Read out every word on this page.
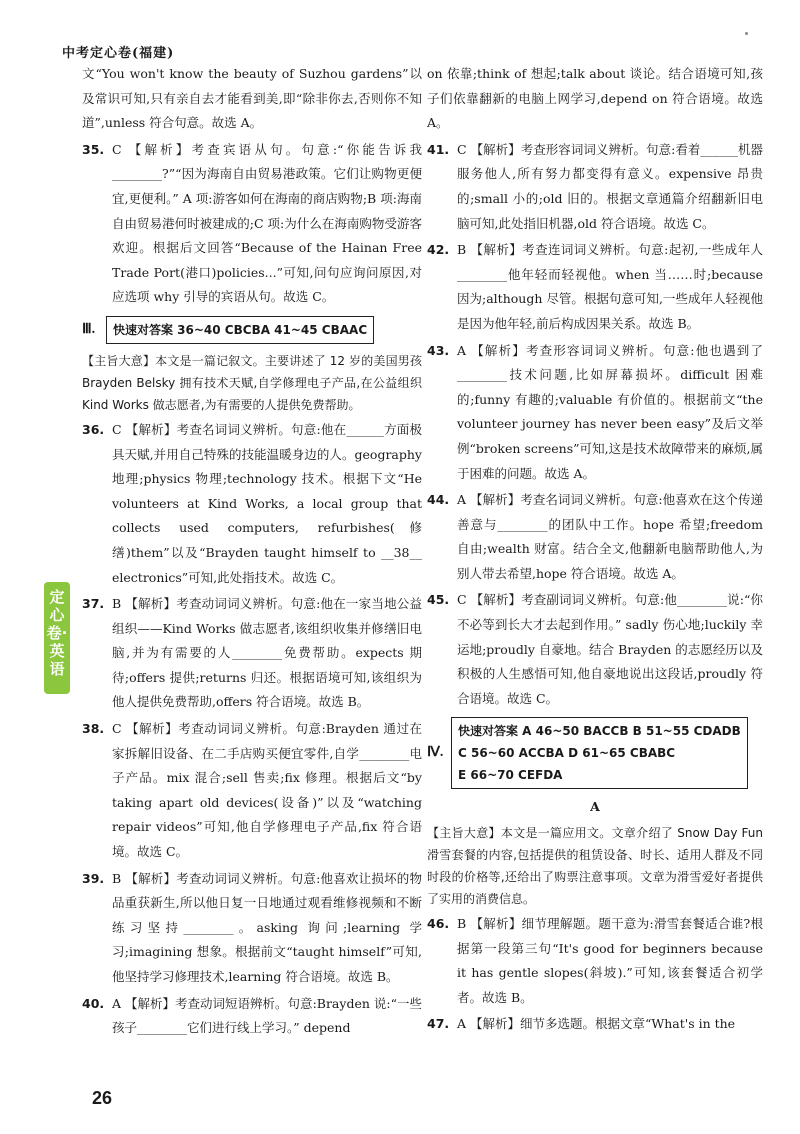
中考定心卷(福建)

文“You won't know the beauty of Suzhou gardens”以及常识可知,只有亲自去才能看到美,即“除非你去,否则你不知道”,unless 符合句意。故选 A。

35. C 【解析】考查宾语从句。句意:“你能告诉我________?”“因为海南自由贸易港政策。它们让购物更便宜,更便利。” A 项:游客如何在海南的商店购物;B 项:海南自由贸易港何时被建成的;C 项:为什么在海南购物受游客欢迎。根据后文回答“Because of the Hainan Free Trade Port(港口)policies...”可知,问句应询问原因,对应选项 why 引导的宾语从句。故选 C。

Ⅲ.	快速对答案 36~40 CBCBA 41~45 CBAAC

【主旨大意】本文是一篇记叙文。主要讲述了 12 岁的美国男孩 Brayden Belsky 拥有技术天赋,自学修理电子产品,在公益组织 Kind Works 做志愿者,为有需要的人提供免费帮助。

36. C 【解析】考查名词词义辨析。句意:他在______方面极具天赋,并用自己特殊的技能温暖身边的人。geography 地理;physics 物理;technology 技术。根据下文“He volunteers at Kind Works, a local group that collects used computers, refurbishes(修缮)them”以及“Brayden taught himself to __38__ electronics”可知,此处指技术。故选 C。

37. B 【解析】考查动词词义辨析。句意:他在一家当地公益组织——Kind Works 做志愿者,该组织收集并修缮旧电脑,并为有需要的人________免费帮助。expects 期待;offers 提供;returns 归还。根据语境可知,该组织为他人提供免费帮助,offers 符合语境。故选 B。

38. C 【解析】考查动词词义辨析。句意:Brayden 通过在家拆解旧设备、在二手店购买便宜零件,自学________电子产品。mix 混合;sell 售卖;fix 修理。根据后文“by taking apart old devices(设备)”以及“watching repair videos”可知,他自学修理电子产品,fix 符合语境。故选 C。

39. B 【解析】考查动词词义辨析。句意:他喜欢让损坏的物品重获新生,所以他日复一日地通过观看维修视频和不断练习坚持________。asking 询问;learning 学习;imagining 想象。根据前文“taught himself”可知,他坚持学习修理技术,learning 符合语境。故选 B。

40. A 【解析】考查动词短语辨析。句意:Brayden 说:“一些孩子________它们进行线上学习。” depend

on 依靠;think of 想起;talk about 谈论。结合语境可知,孩子们依靠翻新的电脑上网学习,depend on 符合语境。故选 A。

41. C 【解析】考查形容词词义辨析。句意:看着______机器服务他人,所有努力都变得有意义。expensive 昂贵的;small 小的;old 旧的。根据文章通篇介绍翻新旧电脑可知,此处指旧机器,old 符合语境。故选 C。

42. B 【解析】考查连词词义辨析。句意:起初,一些成年人________他年轻而轻视他。when 当……时;because 因为;although 尽管。根据句意可知,一些成年人轻视他是因为他年轻,前后构成因果关系。故选 B。

43. A 【解析】考查形容词词义辨析。句意:他也遇到了________技术问题,比如屏幕损坏。difficult 困难的;funny 有趣的;valuable 有价值的。根据前文“the volunteer journey has never been easy”及后文举例“broken screens”可知,这是技术故障带来的麻烦,属于困难的问题。故选 A。

44. A 【解析】考查名词词义辨析。句意:他喜欢在这个传递善意与________的团队中工作。hope 希望;freedom 自由;wealth 财富。结合全文,他翻新电脑帮助他人,为别人带去希望,hope 符合语境。故选 A。

45. C 【解析】考查副词词义辨析。句意:他________说:“你不必等到长大才去起到作用。” sadly 伤心地;luckily 幸运地;proudly 自豪地。结合 Brayden 的志愿经历以及积极的人生感悟可知,他自豪地说出这段话,proudly 符合语境。故选 C。

Ⅳ.
快速对答案 A 46~50 BACCB B 51~55 CDADB
C 56~60 ACCBA D 61~65 CBABC
E 66~70 CEFDA
A

【主旨大意】本文是一篇应用文。文章介绍了 Snow Day Fun 滑雪套餐的内容,包括提供的租赁设备、时长、适用人群及不同时段的价格等,还给出了购票注意事项。文章为滑雪爱好者提供了实用的消费信息。

46. B 【解析】细节理解题。题干意为:滑雪套餐适合谁?根据第一段第三句“It's good for beginners because it has gentle slopes(斜坡).”可知,该套餐适合初学者。故选 B。

47. A 【解析】细节多选题。根据文章“What's in the

定心卷·英语
26
